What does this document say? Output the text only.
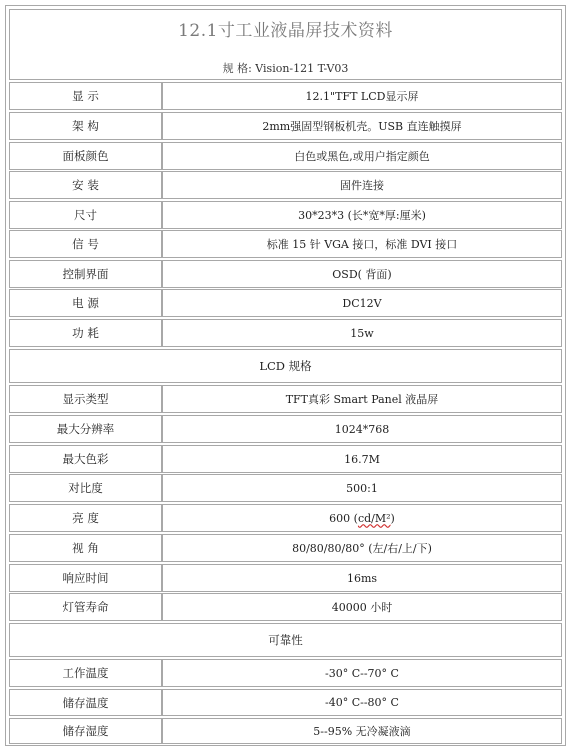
12.1寸工业液晶屏技术资料
规 格: Vision-121 T-V03
显 示	12.1"TFT LCD显示屏
架 构	2mm强固型钢板机壳。USB 直连触摸屏
面板颜色	白色或黑色,或用户指定颜色
安 装	固件连接
尺寸	30*23*3 (长*宽*厚:厘米)
信 号	标准 15 针 VGA 接口，标准 DVI 接口
控制界面	OSD( 背面)
电 源	DC12V
功 耗	15w
LCD 规格
显示类型	TFT真彩 Smart Panel 液晶屏
最大分辨率	1024*768
最大色彩	16.7M
对比度	500:1
亮 度	600 ( cd/M² )
视 角	80/80/80/80° (左/右/上/下)
响应时间	16ms
灯管寿命	40000 小时
可靠性
工作温度	-30° C--70° C
储存温度	-40° C--80° C
储存湿度	5--95% 无冷凝液滴
